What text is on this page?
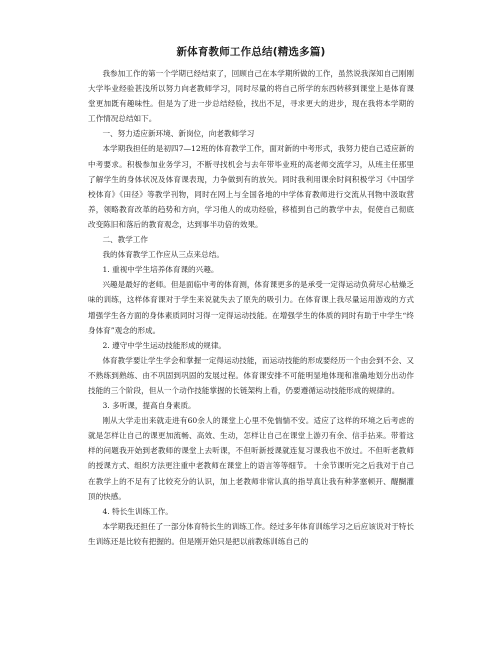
新体育教师工作总结(精选多篇)

我参加工作的第一个学期已经结束了，回顾自己在本学期所做的工作，虽然说我深知自己刚刚大学毕业经验甚浅所以努力向老教师学习，同时尽量的将自己所学的东西转移到课堂上是体育课堂更加既有趣味性。但是为了进一步总结经验，找出不足，寻求更大的进步，现在我将本学期的工作情况总结如下。

一、努力适应新环境、新岗位，向老教师学习

本学期我担任的是初四7—12班的体育教学工作，面对新的中考形式，我努力使自己适应新的中考要求。积极参加业务学习，不断寻找机会与去年带毕业班的高老师交流学习，从班主任那里了解学生的身体状况及体育课表现，力争做到有的放矢。同时我利用课余时间积极学习《中国学校体育》《田径》等教学刊物，同时在网上与全国各地的中学体育教师进行交流从刊物中汲取营养，领略教育改革的趋势和方向，学习他人的成功经验，移植到自己的教学中去，促使自己彻底改变陈旧和落后的教育观念，达到事半功倍的效果。

二、教学工作

我的体育教学工作应从三点来总结。

1. 重视中学生培养体育课的兴趣。

兴趣是最好的老师。但是面临中考的体育测，体育课更多的是承受一定得运动负荷尽心枯燥乏味的训练，这样体育课对于学生来说就失去了原先的吸引力。在体育课上我尽量运用游戏的方式增强学生各方面的身体素质同时习得一定得运动技能。在增强学生的体质的同时有助于中学生“终身体育”观念的形成。

2. 遵守中学生运动技能形成的规律。

体育教学要让学生学会和掌握一定得运动技能，而运动技能的形成要经历一个由会到不会、又不熟练到熟练、由不巩固到巩固的发展过程。体育课安排不可能明显地体现和准确地划分出动作技能的三个阶段，但从一个动作技能掌握的长链架构上看，仍要遵循运动技能形成的规律的。

3. 多听课，提高自身素质。

刚从大学走出来就走进有60余人的课堂上心里不免惴惴不安。适应了这样的环境之后考虑的就是怎样让自己的课更加流畅、高效、生动，怎样让自己在课堂上游刃有余、信手拈来。带着这样的问题我开始到老教师的课堂上去听课，不但听新授课就连复习课我也不放过。不但听老教师的授课方式、组织方法更注重中老教师在课堂上的语言等等细节。 十余节课听完之后我对于自己在教学上的不足有了比较充分的认识，加上老教师非常认真的指导真让我有种茅塞顿开、醍醐灌顶的快感。

4. 特长生训练工作。

本学期我还担任了一部分体育特长生的训练工作。经过多年体育训练学习之后应该说对于特长生训练还是比较有把握的。但是刚开始只是把以前教练训练自己的
